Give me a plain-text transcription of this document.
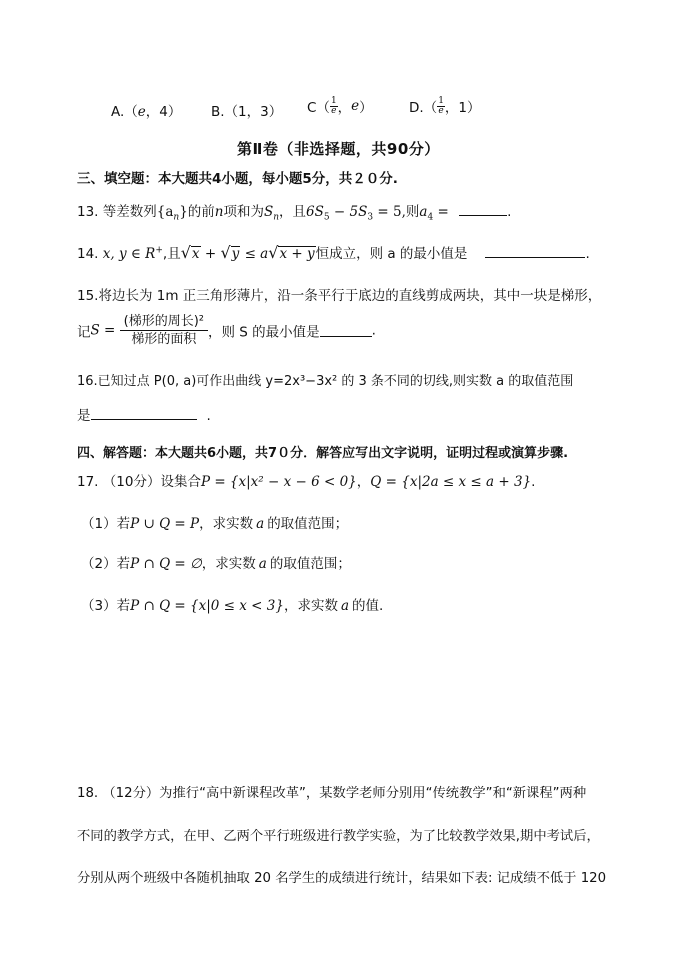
A.（e，4） B.（1，3） $C( \frac{1}{e}$ ，e）	$D.( \frac{1}{e}$ ，1）
第Ⅱ卷（非选择题，共90分）
三、填空题：本大题共4小题，每小题5分，共２０分.
13. 等差数列$\{a_n\}$的前n项和为$S_n$，且$6S_5 - 5S_3 = 5$,则$a_4$ =	.
14. x, y ∈ R+,且√x + √y ≤ a√x + y恒成立，则 a 的最小值是	.
15.将边长为 1m 正三角形薄片，沿一条平行于底边的直线剪成两块，其中一块是梯形，
记S =
(梯形的周长)²
梯形的面积 ，则 S 的最小值是	.
16.已知过点 P(0, a)可作出曲线 y=2x³−3x² 的 3 条不同的切线,则实数 a 的取值范围
是	.
四、解答题：本大题共6小题，共7０分．解答应写出文字说明，证明过程或演算步骤.
17. （10分）设集合P = {x|x² − x − 6 < 0}，Q = {x|2a ≤ x ≤ a + 3}.
（1）若P ∪ Q = P，求实数 a 的取值范围；
（2）若P ∩ Q = ∅，求实数 a 的取值范围；
（3）若P ∩ Q = {x|0 ≤ x < 3}，求实数 a 的值.
18. （12分）为推行“高中新课程改革”，某数学老师分别用“传统教学”和“新课程”两种
不同的教学方式，在甲、乙两个平行班级进行教学实验，为了比较教学效果,期中考试后，
分别从两个班级中各随机抽取 20 名学生的成绩进行统计，结果如下表: 记成绩不低于 120
